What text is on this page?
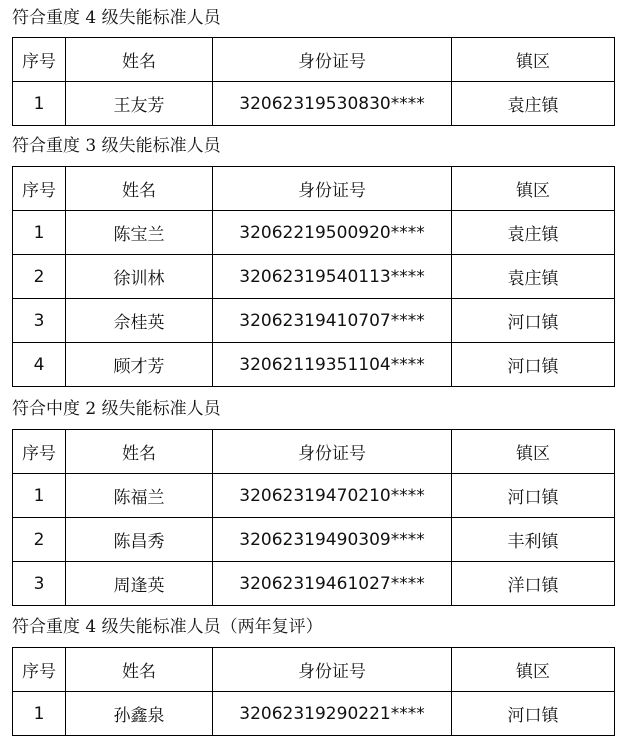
符合重度 4 级失能标准人员
序号	姓名	身份证号	镇区
1	王友芳	32062319530830****	袁庄镇
符合重度 3 级失能标准人员
序号	姓名	身份证号	镇区
1	陈宝兰	32062219500920****	袁庄镇
2	徐训林	32062319540113****	袁庄镇
3	佘桂英	32062319410707****	河口镇
4	顾才芳	32062119351104****	河口镇
符合中度 2 级失能标准人员
序号	姓名	身份证号	镇区
1	陈福兰	32062319470210****	河口镇
2	陈昌秀	32062319490309****	丰利镇
3	周逢英	32062319461027****	洋口镇
符合重度 4 级失能标准人员（两年复评）
序号	姓名	身份证号	镇区
1	孙鑫泉	32062319290221****	河口镇
